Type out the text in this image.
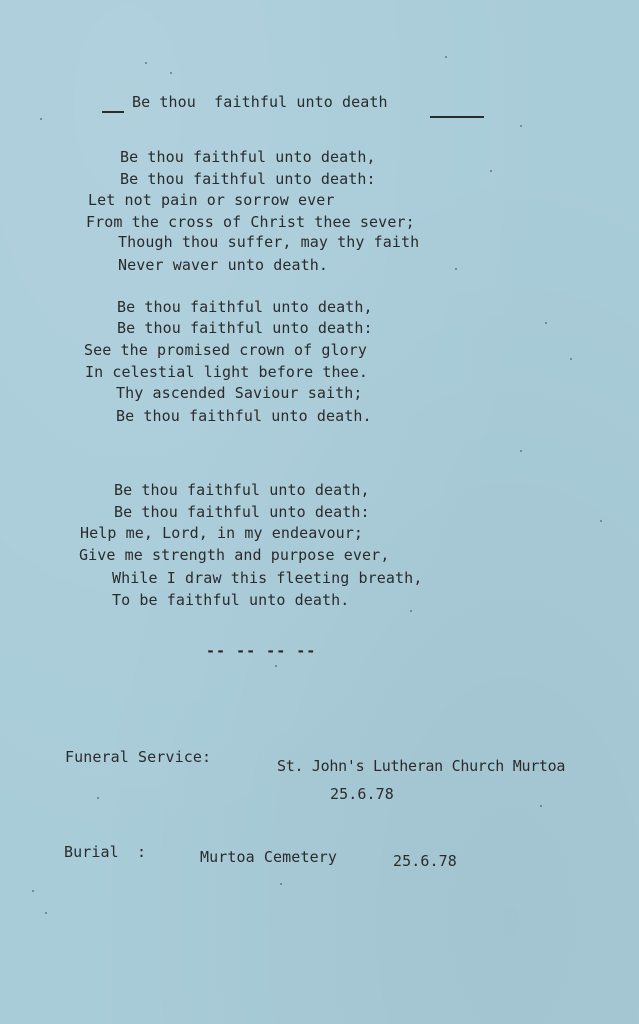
Be thou  faithful unto death
Be thou faithful unto death,
Be thou faithful unto death:
Let not pain or sorrow ever
From the cross of Christ thee sever;
Though thou suffer, may thy faith
Never waver unto death.
Be thou faithful unto death,
Be thou faithful unto death:
See the promised crown of glory
In celestial light before thee.
Thy ascended Saviour saith;
Be thou faithful unto death.
Be thou faithful unto death,
Be thou faithful unto death:
Help me, Lord, in my endeavour;
Give me strength and purpose ever,
While I draw this fleeting breath,
To be faithful unto death.
-- -- -- --
Funeral Service:	St. John's Lutheran Church Murtoa
25.6.78
Burial  :	Murtoa Cemetery	25.6.78
